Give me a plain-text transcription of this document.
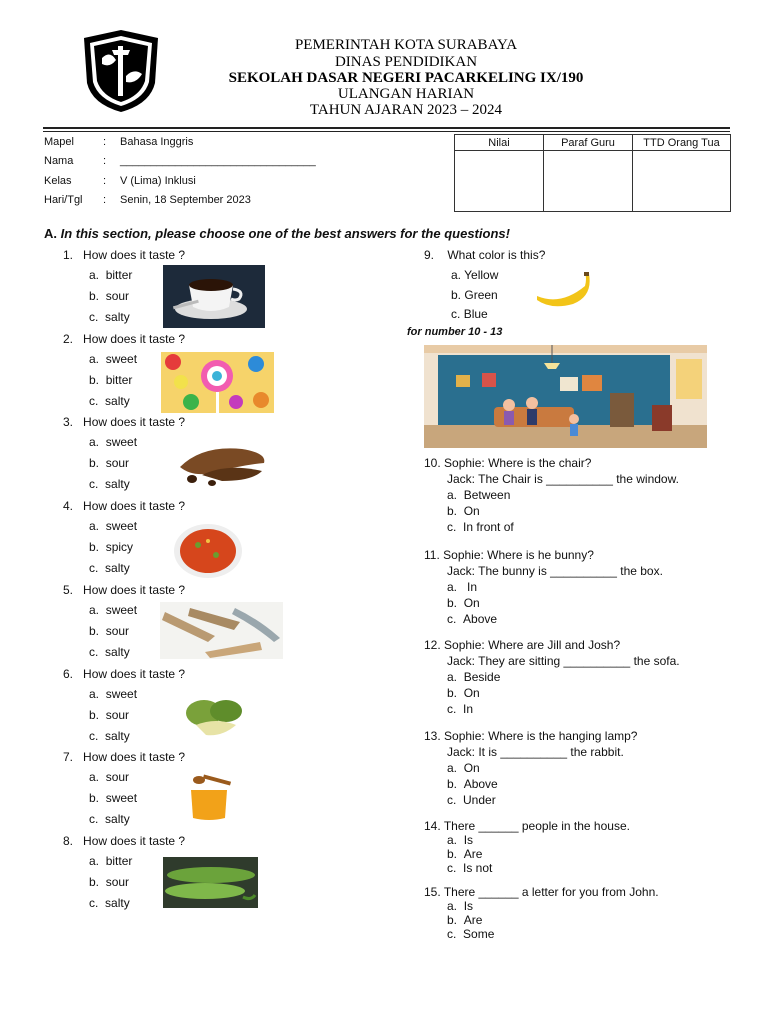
PEMERINTAH KOTA SURABAYA
DINAS PENDIDIKAN
SEKOLAH DASAR NEGERI PACARKELING IX/190
ULANGAN HARIAN
TAHUN AJARAN 2023 – 2024
Mapel	: Bahasa Inggris
Nama	: ________________________________
Kelas	: V (Lima) Inklusi
Hari/Tgl	: Senin, 18 September 2023
Nilai	Paraf Guru	TTD Orang Tua

A. In this section, please choose one of the best answers for the questions!
1. How does it taste ?
a. bitter
b. sour
c. salty
2. How does it taste ?
a. sweet
b. bitter
c. salty
3. How does it taste ?
a. sweet
b. sour
c. salty
4. How does it taste ?
a. sweet
b. spicy
c. salty
5. How does it taste ?
a. sweet
b. sour
c. salty
6. How does it taste ?
a. sweet
b. sour
c. salty
7. How does it taste ?
a. sour
b. sweet
c. salty
8. How does it taste ?
a. bitter
b. sour
c. salty
9. What color is this?
a. Yellow
b. Green
c. Blue
for number 10 - 13
10. Sophie: Where is the chair?
Jack: The Chair is __________ the window.
a. Between
b. On
c. In front of
11. Sophie: Where is he bunny?
Jack: The bunny is __________ the box.
a.   In
b. On
c. Above
12. Sophie: Where are Jill and Josh?
Jack: They are sitting __________ the sofa.
a. Beside
b. On
c. In
13. Sophie: Where is the hanging lamp?
Jack: It is __________ the rabbit.
a. On
b. Above
c. Under
14. There ______ people in the house.
a. Is
b. Are
c. Is not
15. There ______ a letter for you from John.
a. Is
b. Are
c. Some
